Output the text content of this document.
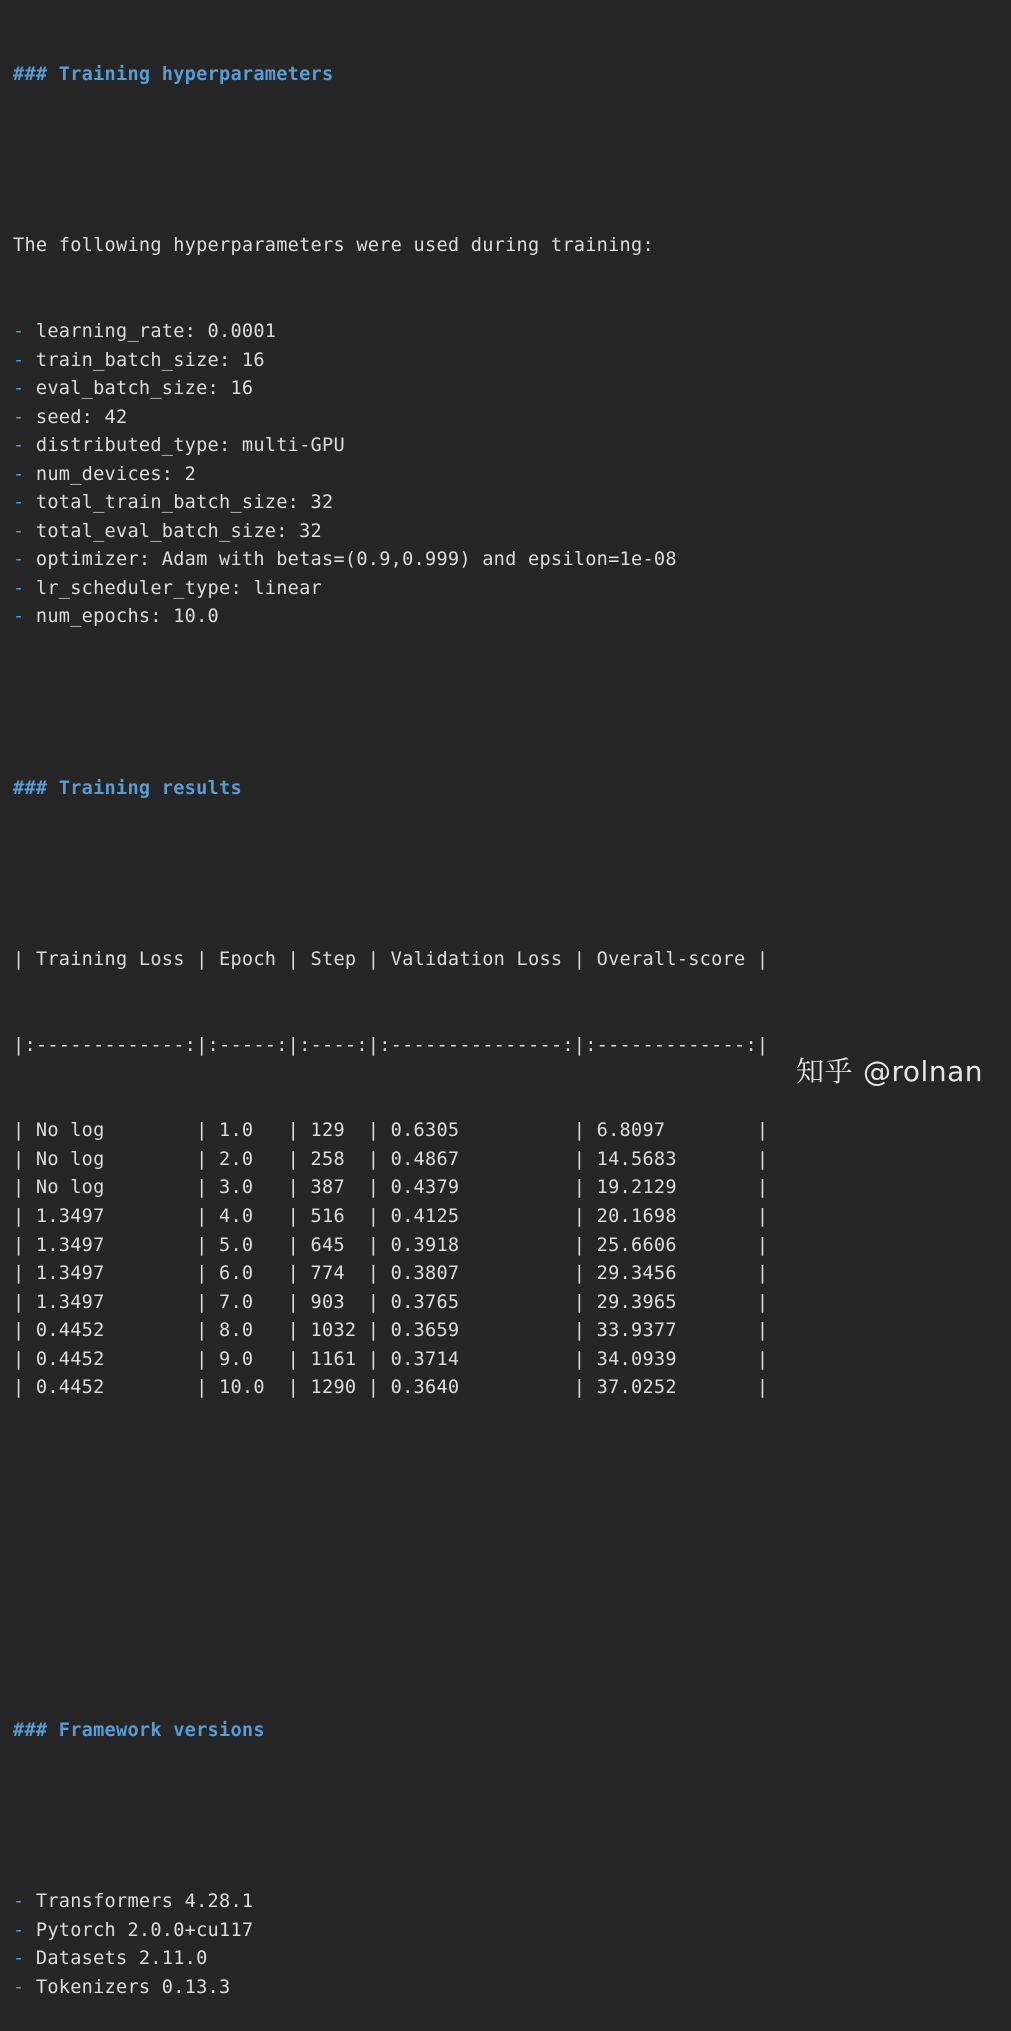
### Training hyperparameters

The following hyperparameters were used during training:

- learning_rate: 0.0001
- train_batch_size: 16
- eval_batch_size: 16
- seed: 42
- distributed_type: multi-GPU
- num_devices: 2
- total_train_batch_size: 32
- total_eval_batch_size: 32
- optimizer: Adam with betas=(0.9,0.999) and epsilon=1e-08
- lr_scheduler_type: linear
- num_epochs: 10.0

### Training results

| Training Loss | Epoch | Step | Validation Loss | Overall-score |

|:-------------:|:-----:|:----:|:---------------:|:-------------:|

| No log        | 1.0   | 129  | 0.6305          | 6.8097        |
| No log        | 2.0   | 258  | 0.4867          | 14.5683       |
| No log        | 3.0   | 387  | 0.4379          | 19.2129       |
| 1.3497        | 4.0   | 516  | 0.4125          | 20.1698       |
| 1.3497        | 5.0   | 645  | 0.3918          | 25.6606       |
| 1.3497        | 6.0   | 774  | 0.3807          | 29.3456       |
| 1.3497        | 7.0   | 903  | 0.3765          | 29.3965       |
| 0.4452        | 8.0   | 1032 | 0.3659          | 33.9377       |
| 0.4452        | 9.0   | 1161 | 0.3714          | 34.0939       |
| 0.4452        | 10.0  | 1290 | 0.3640          | 37.0252       |

### Framework versions

- Transformers 4.28.1
- Pytorch 2.0.0+cu117
- Datasets 2.11.0
- Tokenizers 0.13.3

知乎 @rolnan
